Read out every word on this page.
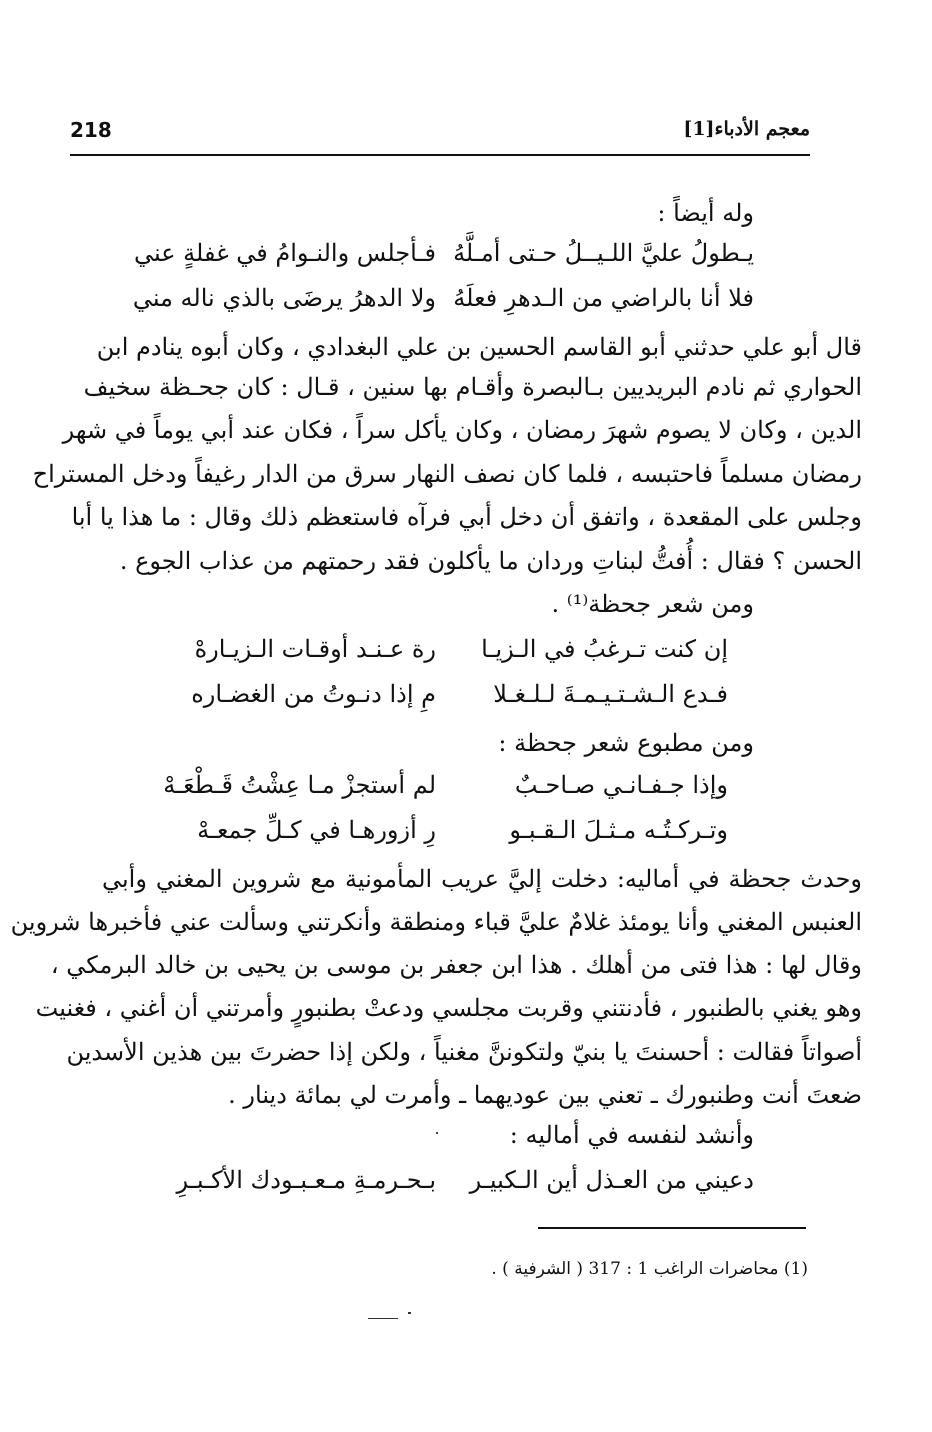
معجم الأدباء[1]
218
وله أيضاً :
يـطولُ عليَّ اللـيــلُ حـتى أمـلَّهُ
فـأجلس والنـوامُ في غفلةٍ عني
فلا أنا بالراضي من الـدهرِ فعلَهُ
ولا الدهرُ يرضَى بالذي ناله مني
قال أبو علي حدثني أبو القاسم الحسين بن علي البغدادي ، وكان أبوه ينادم ابن
الحواري ثم نادم البريديين بـالبصرة وأقـام بها سنين ، قـال : كان جحـظة سخيف
الدين ، وكان لا يصوم شهرَ رمضان ، وكان يأكل سراً ، فكان عند أبي يوماً في شهر
رمضان مسلماً فاحتبسه ، فلما كان نصف النهار سرق من الدار رغيفاً ودخل المستراح
وجلس على المقعدة ، واتفق أن دخل أبي فرآه فاستعظم ذلك وقال : ما هذا يا أبا
الحسن ؟ فقال : أُفتُّ لبناتِ وردان ما يأكلون فقد رحمتهم من عذاب الجوع .
ومن شعر جحظة⁽¹⁾ .
إن كنت تـرغبُ في الـزيـا
رة عـنـد أوقـات الـزيـارهْ
فـدع الـشـتـيـمـةَ لـلـغـلا
مِ إذا دنـوتُ من الغضـاره
ومن مطبوع شعر جحظة :
وإذا جـفـانـي صـاحـبٌ
لم أستجزْ مـا عِشْتُ قَـطْعَـهْ
وتـركـتُـه مـثـلَ الـقـبـو
رِ أزورهـا في كـلِّ جمعـهْ
وحدث جحظة في أماليه: دخلت إليَّ عريب المأمونية مع شروين المغني وأبي
العنبس المغني وأنا يومئذ غلامٌ عليَّ قباء ومنطقة وأنكرتني وسألت عني فأخبرها شروين
وقال لها : هذا فتى من أهلك . هذا ابن جعفر بن موسى بن يحيى بن خالد البرمكي ،
وهو يغني بالطنبور ، فأدنتني وقربت مجلسي ودعتْ بطنبورٍ وأمرتني أن أغني ، فغنيت
أصواتاً فقالت : أحسنتَ يا بنيّ ولتكوننَّ مغنياً ، ولكن إذا حضرتَ بين هذين الأسدين
ضعتَ أنت وطنبورك ـ تعني بين عوديهما ـ وأمرت لي بمائة دينار .
وأنشد لنفسه في أماليه :
دعيني من العـذل أين الـكبيـر
بـحـرمـةِ مـعـبـودك الأكـبـرِ
(1) محاضرات الراغب 1 : 317 ( الشرفية ) .
